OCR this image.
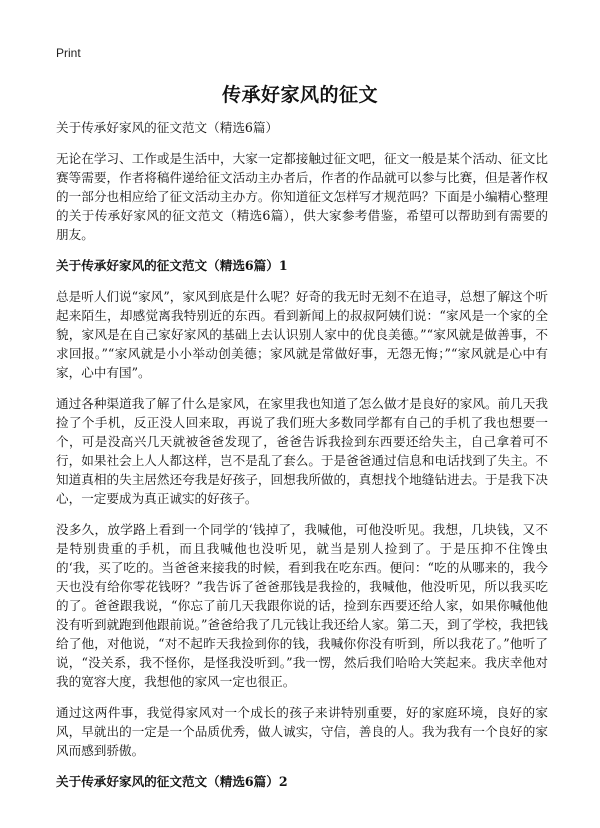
Print
传承好家风的征文

关于传承好家风的征文范文（精选6篇）

无论在学习、工作或是生活中，大家一定都接触过征文吧，征文一般是某个活动、征文比赛等需要，作者将稿件递给征文活动主办者后，作者的作品就可以参与比赛，但是著作权的一部分也相应给了征文活动主办方。你知道征文怎样写才规范吗？下面是小编精心整理的关于传承好家风的征文范文（精选6篇），供大家参考借鉴，希望可以帮助到有需要的朋友。

关于传承好家风的征文范文（精选6篇）1

总是听人们说“家风”，家风到底是什么呢？好奇的我无时无刻不在追寻，总想了解这个听起来陌生，却感觉离我特别近的东西。看到新闻上的叔叔阿姨们说：“家风是一个家的全貌，家风是在自己家好家风的基础上去认识别人家中的优良美德。”“家风就是做善事，不求回报。”“家风就是小小举动创美德；家风就是常做好事，无怨无悔；”“家风就是心中有家，心中有国”。

通过各种渠道我了解了什么是家风，在家里我也知道了怎么做才是良好的家风。前几天我捡了个手机，反正没人回来取，再说了我们班大多数同学都有自己的手机了我也想要一个，可是没高兴几天就被爸爸发现了，爸爸告诉我捡到东西要还给失主，自己拿着可不行，如果社会上人人都这样，岂不是乱了套么。于是爸爸通过信息和电话找到了失主。不知道真相的失主居然还夸我是好孩子，回想我所做的，真想找个地缝钻进去。于是我下决心，一定要成为真正诚实的好孩子。

没多久，放学路上看到一个同学的‘钱掉了，我喊他，可他没听见。我想，几块钱，又不是特别贵重的手机，而且我喊他也没听见，就当是别人捡到了。于是压抑不住馋虫的‘我，买了吃的。当爸爸来接我的时候，看到我在吃东西。便问：“吃的从哪来的，我今天也没有给你零花钱呀？”我告诉了爸爸那钱是我捡的，我喊他，他没听见，所以我买吃的了。爸爸跟我说，“你忘了前几天我跟你说的话，捡到东西要还给人家，如果你喊他他没有听到就跑到他跟前说。”爸爸给我了几元钱让我还给人家。第二天，到了学校，我把钱给了他，对他说，“对不起昨天我捡到你的钱，我喊你你没有听到，所以我花了。”他听了说，“没关系，我不怪你，是怪我没听到。”我一愣，然后我们哈哈大笑起来。我庆幸他对我的宽容大度，我想他的家风一定也很正。

通过这两件事，我觉得家风对一个成长的孩子来讲特别重要，好的家庭环境，良好的家风，早就出的一定是一个品质优秀，做人诚实，守信，善良的人。我为我有一个良好的家风而感到骄傲。

关于传承好家风的征文范文（精选6篇）2
